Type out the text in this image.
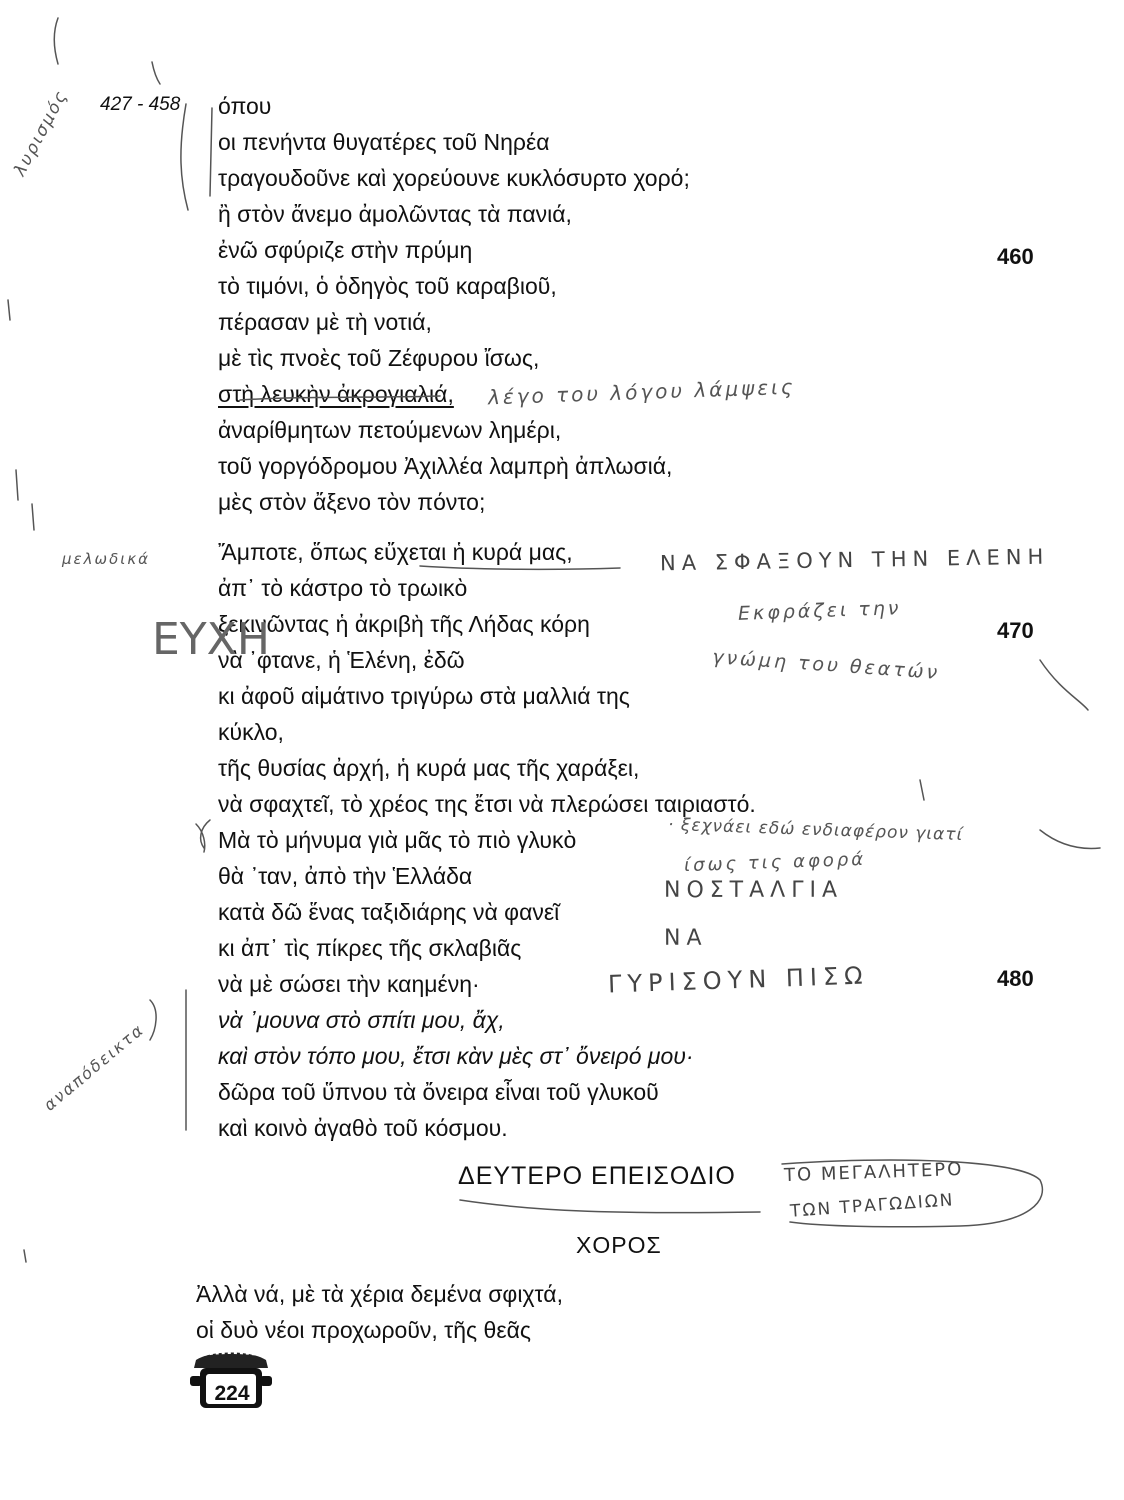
427 - 458 όπου
οι πενήντα θυγατέρες τοῦ Νηρέα
τραγουδοῦνε καὶ χορεύουνε κυκλόσυρτο χορό;
ἢ στὸν ἄνεμο ἀμολῶντας τὰ πανιά,
ἐνῶ σφύριζε στὴν πρύμη
τὸ τιμόνι, ὁ ὁδηγὸς τοῦ καραβιοῦ,
πέρασαν μὲ τὴ νοτιά,
μὲ τὶς πνοὲς τοῦ Ζέφυρου ἴσως,
στὴ λευκὴν ἀκρογιαλιά,
ἀναρίθμητων πετούμενων λημέρι,
τοῦ γοργόδρομου Ἀχιλλέα λαμπρὴ ἀπλωσιά,
μὲς στὸν ἄξενο τὸν πόντο;
460
Ἄμποτε, ὅπως εὔχεται ἡ κυρά μας,
ἀπ᾿ τὸ κάστρο τὸ τρωικὸ
ξεκινῶντας ἡ ἀκριβὴ τῆς Λήδας κόρη
νὰ ᾿φτανε, ἡ Ἑλένη, ἐδῶ
κι ἀφοῦ αἱμάτινο τριγύρω στὰ μαλλιά της
κύκλο,
τῆς θυσίας ἀρχή, ἡ κυρά μας τῆς χαράξει,
νὰ σφαχτεῖ, τὸ χρέος της ἔτσι νὰ πλερώσει ταιριαστό.
Μὰ τὸ μήνυμα γιὰ μᾶς τὸ πιὸ γλυκὸ
θὰ ᾿ταν, ἀπὸ τὴν Ἑλλάδα
κατὰ δῶ ἕνας ταξιδιάρης νὰ φανεῖ
κι ἀπ᾿ τὶς πίκρες τῆς σκλαβιᾶς
νὰ μὲ σώσει τὴν καημένη·
νὰ ᾿μουνα στὸ σπίτι μου, ἄχ,
καὶ στὸν τόπο μου, ἔτσι κὰν μὲς στ᾿ ὄνειρό μου·
δῶρα τοῦ ὕπνου τὰ ὄνειρα εἶναι τοῦ γλυκοῦ
καὶ κοινὸ ἀγαθὸ τοῦ κόσμου.
470
480
ΔΕΥΤΕΡΟ ΕΠΕΙΣΟΔΙΟ
ΧΟΡΟΣ
Ἀλλὰ νά, μὲ τὰ χέρια δεμένα σφιχτά,
οἱ δυὸ νέοι προχωροῦν, τῆς θεᾶς
ΝΑ ΣΦΑΞΟΥΝ ΤΗΝ ΕΛΕΝΗ
ΝΟΣΤΑΛΓΙΑ
ΝΑ
ΓΥΡΙΣΟΥΝ ΠΙΣΩ
ΤΟ ΜΕΓΑΛΗΤΕΡΟ
ΤΩΝ ΤΡΑΓΩΔΙΩΝ
λέγο του λόγου λάμψεις
Εκφράζει την
γνώμη του θεατών
· ξεχνάει εδώ ενδιαφέρον γιατί
ίσως τις αφορά
λυρισμός
μελωδικά
αναπόδεικτα
ΕΥΧΗ
224
